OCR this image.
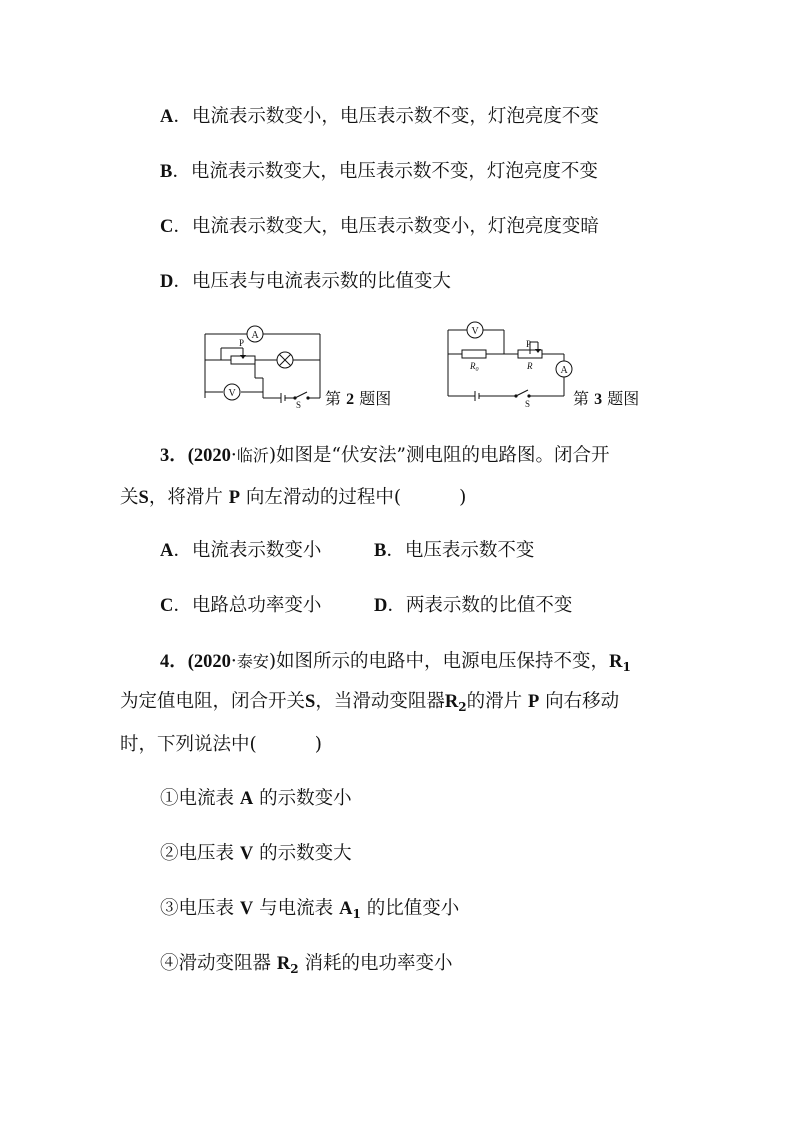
A．电流表示数变小，电压表示数不变，灯泡亮度不变
B．电流表示数变大，电压表示数不变，灯泡亮度不变
C．电流表示数变大，电压表示数变小，灯泡亮度变暗
D．电压表与电流表示数的比值变大
A
V
P
S 第 2 题图
V
A
P
$R_0$	R
S	第 3 题图
3．(2020·临沂)如图是“伏安法”测电阻的电路图。闭合开
关S，将滑片 P 向左滑动的过程中(	)
A．电流表示数变小	B．电压表示数不变
C．电路总功率变小	D．两表示数的比值不变
4．(2020·泰安)如图所示的电路中，电源电压保持不变，$R_1$
为定值电阻，闭合开关S，当滑动变阻器$R_2$的滑片 P 向右移动
时，下列说法中(	)
①电流表 A 的示数变小
②电压表 V 的示数变大
③电压表 V 与电流表 $A_1$ 的比值变小
④滑动变阻器 $R_2$ 消耗的电功率变小
